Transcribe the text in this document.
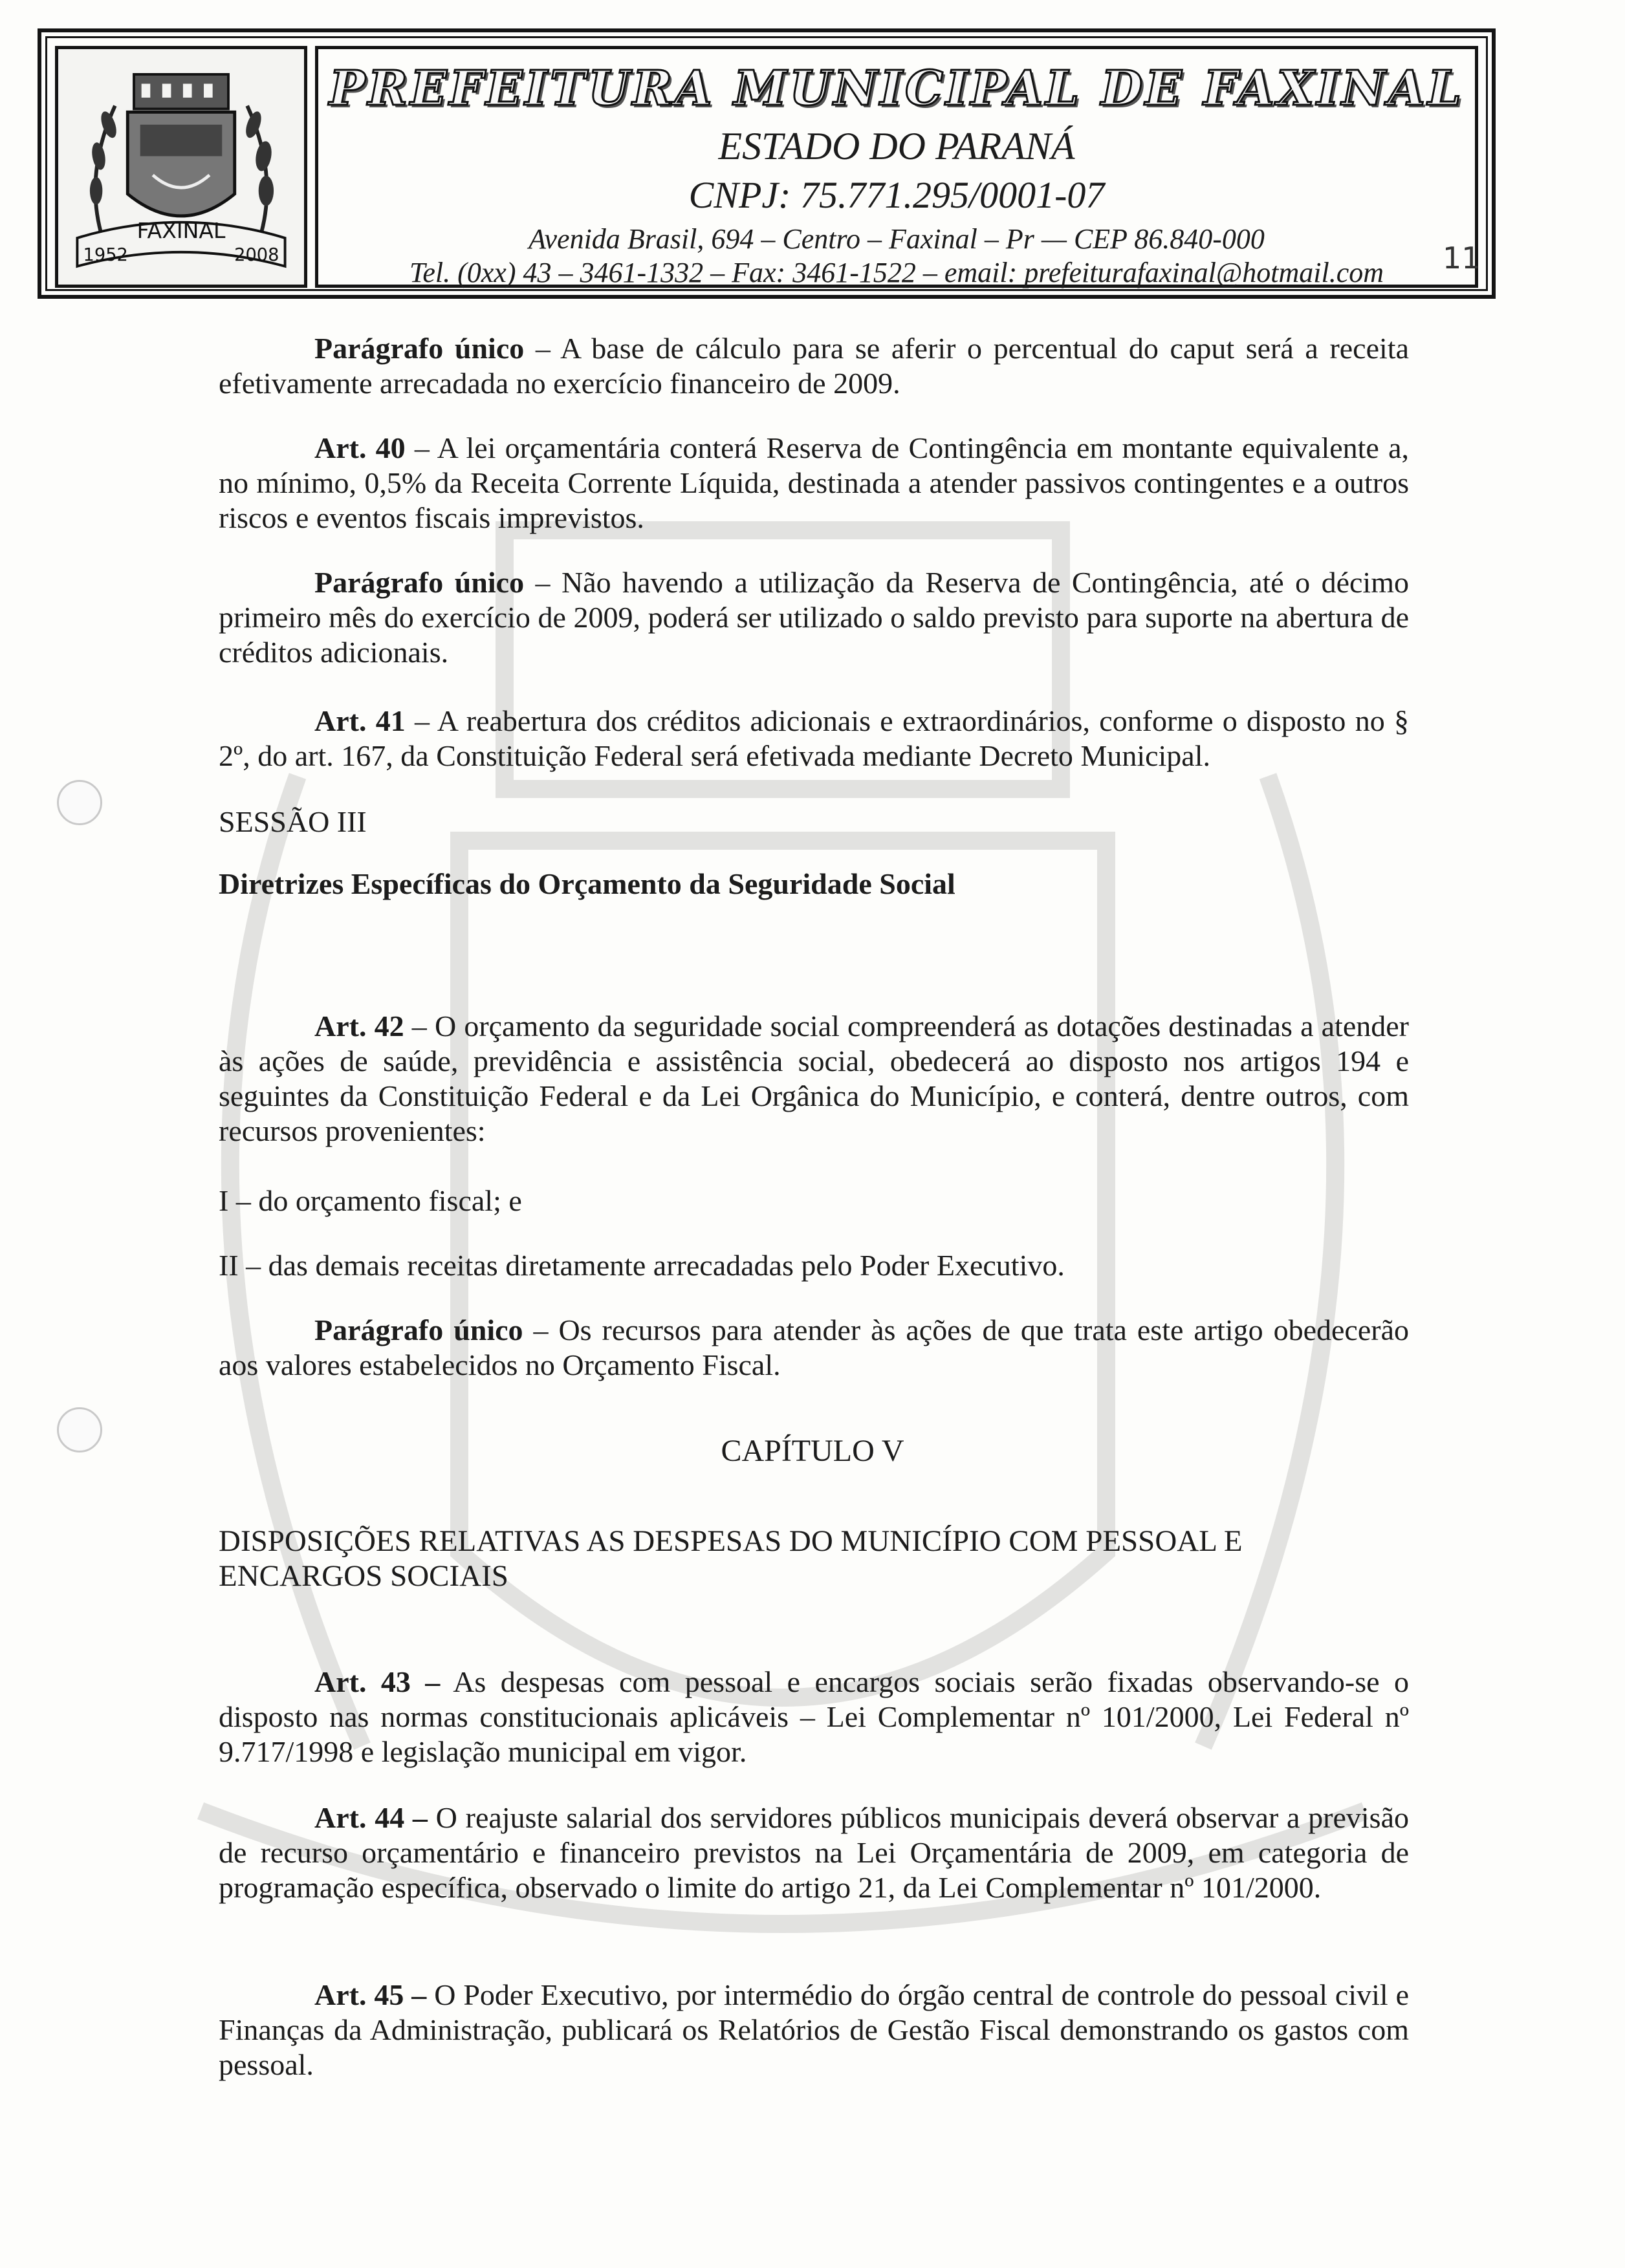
FAXINAL
1952	2008
PREFEITURA MUNICIPAL DE FAXINAL
ESTADO DO PARANÁ
CNPJ: 75.771.295/0001-07
Avenida Brasil, 694 – Centro – Faxinal – Pr — CEP 86.840-000
Tel. (0xx) 43 – 3461-1332 – Fax: 3461-1522 – email: prefeiturafaxinal@hotmail.com	11
Parágrafo único – A base de cálculo para se aferir o percentual do caput será a receita efetivamente arrecadada no exercício financeiro de 2009.
Art. 40 – A lei orçamentária conterá Reserva de Contingência em montante equivalente a, no mínimo, 0,5% da Receita Corrente Líquida, destinada a atender passivos contingentes e a outros riscos e eventos fiscais imprevistos.
Parágrafo único – Não havendo a utilização da Reserva de Contingência, até o décimo primeiro mês do exercício de 2009, poderá ser utilizado o saldo previsto para suporte na abertura de créditos adicionais.
Art. 41 – A reabertura dos créditos adicionais e extraordinários, conforme o disposto no § 2º, do art. 167, da Constituição Federal será efetivada mediante Decreto Municipal.
SESSÃO III
Diretrizes Específicas do Orçamento da Seguridade Social
Art. 42 – O orçamento da seguridade social compreenderá as dotações destinadas a atender às ações de saúde, previdência e assistência social, obedecerá ao disposto nos artigos 194 e seguintes da Constituição Federal e da Lei Orgânica do Município, e conterá, dentre outros, com recursos provenientes:
I – do orçamento fiscal; e
II – das demais receitas diretamente arrecadadas pelo Poder Executivo.
Parágrafo único – Os recursos para atender às ações de que trata este artigo obedecerão aos valores estabelecidos no Orçamento Fiscal.
CAPÍTULO V
DISPOSIÇÕES RELATIVAS AS DESPESAS DO MUNICÍPIO COM PESSOAL E ENCARGOS SOCIAIS
Art. 43 – As despesas com pessoal e encargos sociais serão fixadas observando-se o disposto nas normas constitucionais aplicáveis – Lei Complementar nº 101/2000, Lei Federal nº 9.717/1998 e legislação municipal em vigor.
Art. 44 – O reajuste salarial dos servidores públicos municipais deverá observar a previsão de recurso orçamentário e financeiro previstos na Lei Orçamentária de 2009, em categoria de programação específica, observado o limite do artigo 21, da Lei Complementar nº 101/2000.
Art. 45 – O Poder Executivo, por intermédio do órgão central de controle do pessoal civil e Finanças da Administração, publicará os Relatórios de Gestão Fiscal demonstrando os gastos com pessoal.
